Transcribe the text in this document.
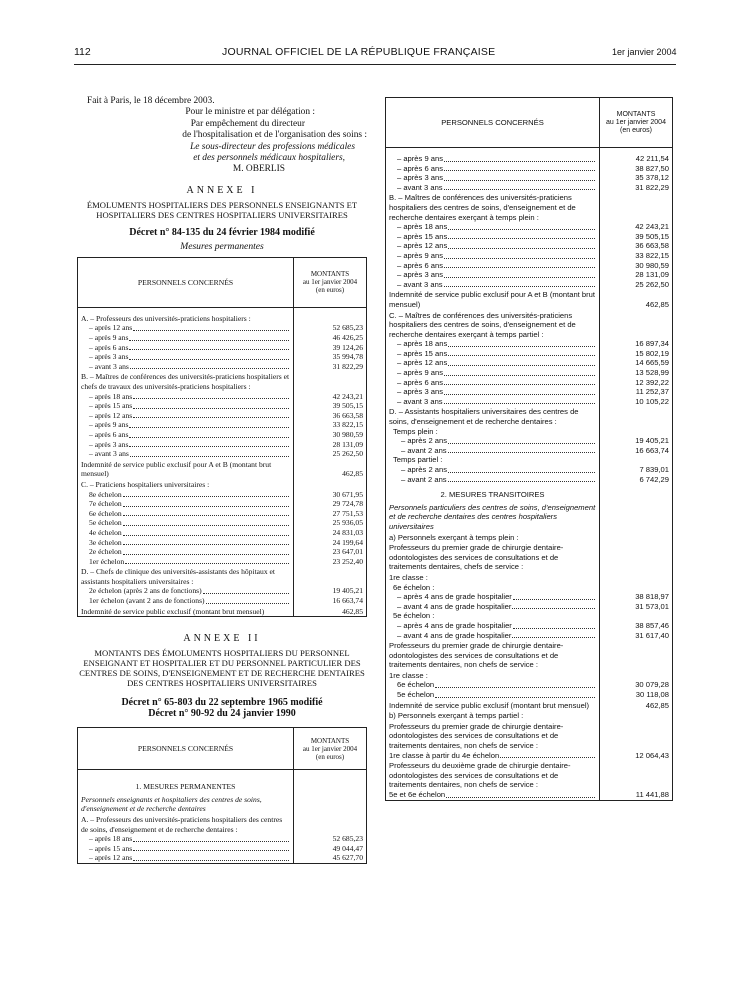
112	JOURNAL OFFICIEL DE LA RÉPUBLIQUE FRANÇAISE	1er janvier 2004
Fait à Paris, le 18 décembre 2003.
Pour le ministre et par délégation :
Par empêchement du directeur
de l'hospitalisation et de l'organisation des soins :
Le sous-directeur des professions médicales
et des personnels médicaux hospitaliers,
M. OBERLIS
ANNEXE I
ÉMOLUMENTS HOSPITALIERS DES PERSONNELS ENSEIGNANTS ET HOSPITALIERS DES CENTRES HOSPITALIERS UNIVERSITAIRES
Décret n° 84-135 du 24 février 1984 modifié
Mesures permanentes
PERSONNELS CONCERNÉS	MONTANTS
au 1er janvier 2004
(en euros)

A. – Professeurs des universités-praticiens hospitaliers :	

– après 12 ans	52 685,23

– après 9 ans	46 426,25

– après 6 ans	39 124,26

– après 3 ans	35 994,78

– avant 3 ans	31 822,29

B. – Maîtres de conférences des universités-praticiens hospitaliers et chefs de travaux des universités-praticiens hospitaliers :	

– après 18 ans	42 243,21

– après 15 ans	39 505,15

– après 12 ans	36 663,58

– après 9 ans	33 822,15

– après 6 ans	30 980,59

– après 3 ans	28 131,09

– avant 3 ans	25 262,50

Indemnité de service public exclusif pour A et B (montant brut mensuel)	462,85

C. – Praticiens hospitaliers universitaires :	

8e échelon	30 671,95

7e échelon	29 724,78

6e échelon	27 751,53

5e échelon	25 936,05

4e échelon	24 831,03

3e échelon	24 199,64

2e échelon	23 647,01

1er échelon	23 252,40

D. – Chefs de clinique des universités-assistants des hôpitaux et assistants hospitaliers universitaires :	

2e échelon (après 2 ans de fonctions)	19 405,21

1er échelon (avant 2 ans de fonctions)	16 663,74

Indemnité de service public exclusif (montant brut mensuel)	462,85
ANNEXE II
MONTANTS DES ÉMOLUMENTS HOSPITALIERS DU PERSONNEL ENSEIGNANT ET HOSPITALIER ET DU PERSONNEL PARTICULIER DES CENTRES DE SOINS, D'ENSEIGNEMENT ET DE RECHERCHE DENTAIRES DES CENTRES HOSPITALIERS UNIVERSITAIRES
Décret n° 65-803 du 22 septembre 1965 modifié
Décret n° 90-92 du 24 janvier 1990
PERSONNELS CONCERNÉS	MONTANTS
au 1er janvier 2004
(en euros)

1. MESURES PERMANENTES	

Personnels enseignants et hospitaliers des centres de soins, d'enseignement et de recherche dentaires	

A. – Professeurs des universités-praticiens hospitaliers des centres de soins, d'enseignement et de recherche dentaires :	

– après 18 ans	52 685,23

– après 15 ans	49 044,47

– après 12 ans	45 627,70
PERSONNELS CONCERNÉS	MONTANTS
au 1er janvier 2004
(en euros)

– après 9 ans	42 211,54

– après 6 ans	38 827,50

– après 3 ans	35 378,12

– avant 3 ans	31 822,29

B. – Maîtres de conférences des universités-praticiens hospitaliers des centres de soins, d'enseignement et de recherche dentaires exerçant à temps plein :	

– après 18 ans	42 243,21

– après 15 ans	39 505,15

– après 12 ans	36 663,58

– après 9 ans	33 822,15

– après 6 ans	30 980,59

– après 3 ans	28 131,09

– avant 3 ans	25 262,50

Indemnité de service public exclusif pour A et B (montant brut mensuel)	462,85

C. – Maîtres de conférences des universités-praticiens hospitaliers des centres de soins, d'enseignement et de recherche dentaires exerçant à temps partiel :	

– après 18 ans	16 897,34

– après 15 ans	15 802,19

– après 12 ans	14 665,59

– après 9 ans	13 528,99

– après 6 ans	12 392,22

– après 3 ans	11 252,37

– avant 3 ans	10 105,22

D. – Assistants hospitaliers universitaires des centres de soins, d'enseignement et de recherche dentaires :	

Temps plein :	

– après 2 ans	19 405,21

– avant 2 ans	16 663,74

Temps partiel :	

– après 2 ans	7 839,01

– avant 2 ans	6 742,29

2. MESURES TRANSITOIRES	

Personnels particuliers des centres de soins, d'enseignement et de recherche dentaires des centres hospitaliers universitaires	

a) Personnels exerçant à temps plein :	

Professeurs du premier grade de chirurgie dentaire-odontologistes des services de consultations et de traitements dentaires, chefs de service :	

1re classe :	

6e échelon :	

– après 4 ans de grade hospitalier	38 818,97

– avant 4 ans de grade hospitalier	31 573,01

5e échelon :	

– après 4 ans de grade hospitalier	38 857,46

– avant 4 ans de grade hospitalier	31 617,40

Professeurs du premier grade de chirurgie dentaire-odontologistes des services de consultations et de traitements dentaires, non chefs de service :	

1re classe :	

6e échelon	30 079,28

5e échelon	30 118,08

Indemnité de service public exclusif (montant brut mensuel)	462,85

b) Personnels exerçant à temps partiel :	

Professeurs du premier grade de chirurgie dentaire-odontologistes des services de consultations et de traitements dentaires, non chefs de service :	

1re classe à partir du 4e échelon	12 064,43

Professeurs du deuxième grade de chirurgie dentaire-odontologistes des services de consultations et de traitements dentaires, non chefs de service :	

5e et 6e échelon	11 441,88
